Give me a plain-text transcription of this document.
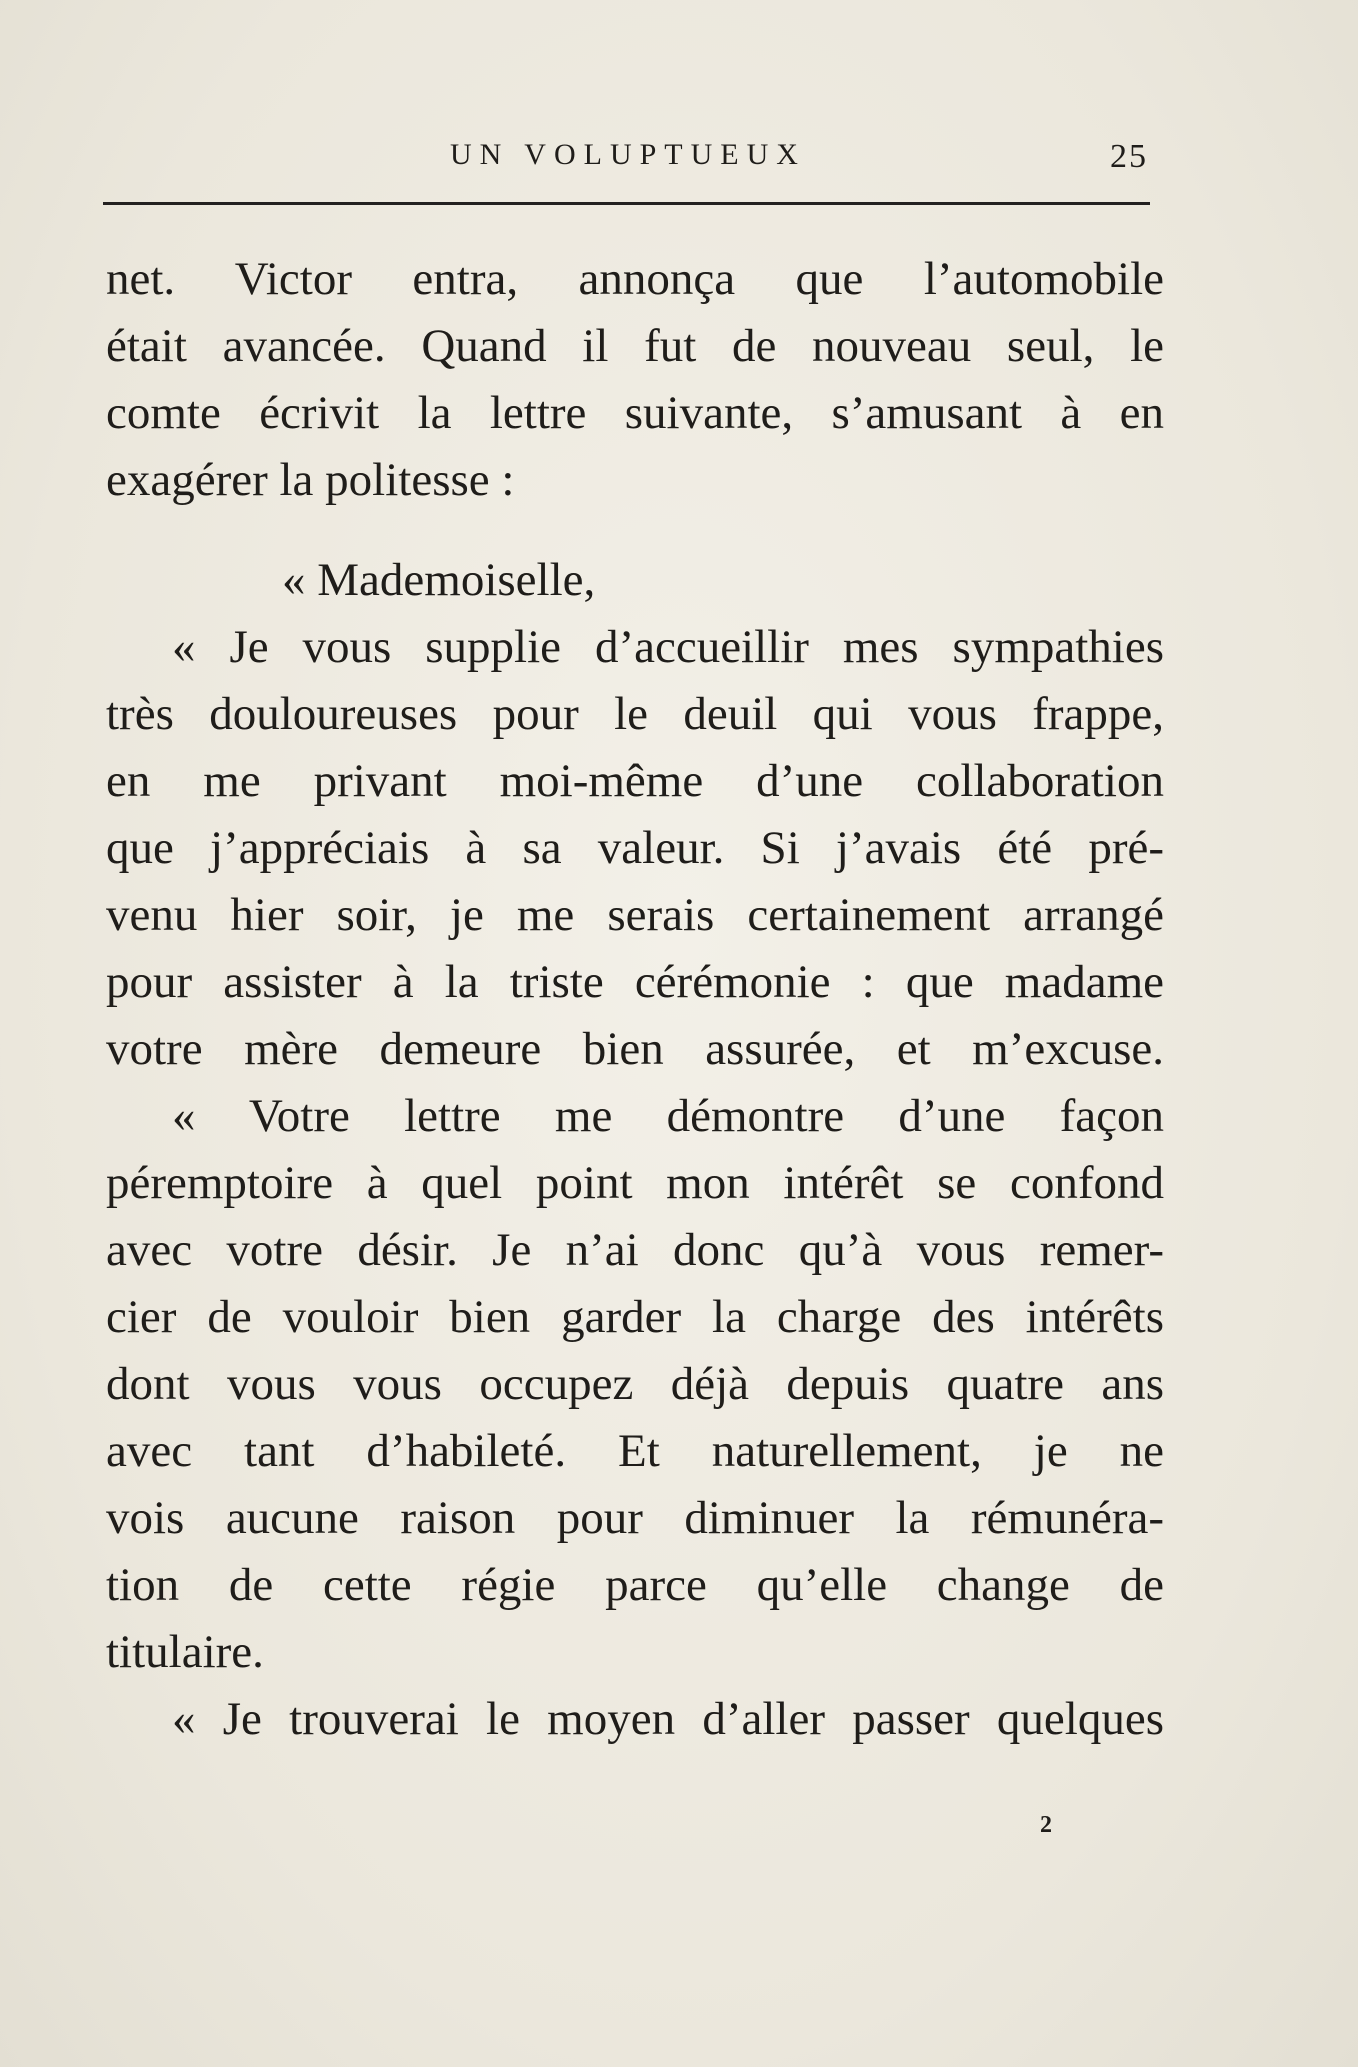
UN VOLUPTUEUX	25
net. Victor entra, annonça que l’automobile
était avancée. Quand il fut de nouveau seul, le
comte écrivit la lettre suivante, s’amusant à en
exagérer la politesse :
« Mademoiselle,
« Je vous supplie d’accueillir mes sympathies
très douloureuses pour le deuil qui vous frappe,
en me privant moi-même d’une collaboration
que j’appréciais à sa valeur. Si j’avais été pré-
venu hier soir, je me serais certainement arrangé
pour assister à la triste cérémonie : que madame
votre mère demeure bien assurée, et m’excuse.
« Votre lettre me démontre d’une façon
péremptoire à quel point mon intérêt se confond
avec votre désir. Je n’ai donc qu’à vous remer-
cier de vouloir bien garder la charge des intérêts
dont vous vous occupez déjà depuis quatre ans
avec tant d’habileté. Et naturellement, je ne
vois aucune raison pour diminuer la rémunéra-
tion de cette régie parce qu’elle change de
titulaire.
« Je trouverai le moyen d’aller passer quelques
2
